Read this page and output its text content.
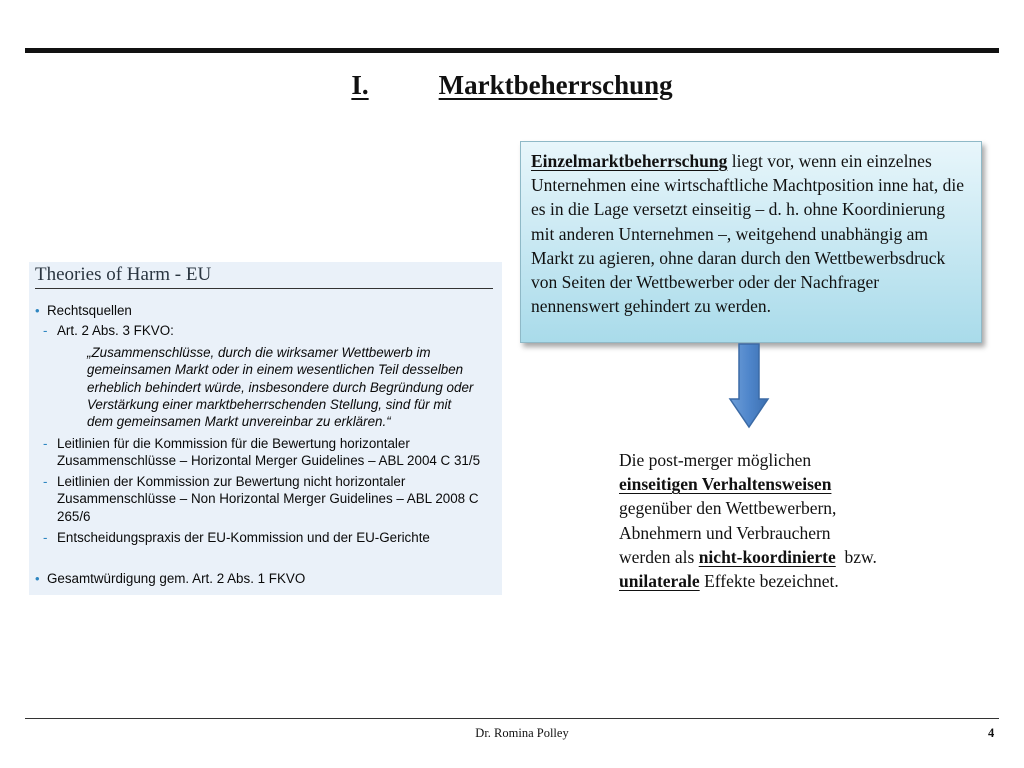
I.	Marktbeherrschung
Einzelmarktbeherrschung liegt vor, wenn ein einzelnes Unternehmen eine wirtschaftliche Machtposition inne hat, die es in die Lage versetzt einseitig – d. h. ohne Koordinierung mit anderen Unternehmen –, weitgehend unabhängig am Markt zu agieren, ohne daran durch den Wettbewerbsdruck von Seiten der Wettbewerber oder der Nachfrager nennenswert gehindert zu werden.
Die post-merger möglichen
einseitigen Verhaltensweisen
gegenüber den Wettbewerbern,
Abnehmern und Verbrauchern
werden als nicht-koordinierte  bzw.
unilaterale Effekte bezeichnet.
Theories of Harm - EU
• Rechtsquellen
- Art. 2 Abs. 3 FKVO:
„Zusammenschlüsse, durch die wirksamer Wettbewerb im gemeinsamen Markt oder in einem wesentlichen Teil desselben erheblich behindert würde, insbesondere durch Begründung oder Verstärkung einer marktbeherrschenden Stellung, sind für mit dem gemeinsamen Markt unvereinbar zu erklären.“
- Leitlinien für die Kommission für die Bewertung horizontaler Zusammenschlüsse – Horizontal Merger Guidelines – ABL 2004 C 31/5
- Leitlinien der Kommission zur Bewertung nicht horizontaler Zusammenschlüsse – Non Horizontal Merger Guidelines – ABL 2008 C 265/6
- Entscheidungspraxis der EU-Kommission und der EU-Gerichte
• Gesamtwürdigung gem. Art. 2 Abs. 1 FKVO
Dr. Romina Polley	4
